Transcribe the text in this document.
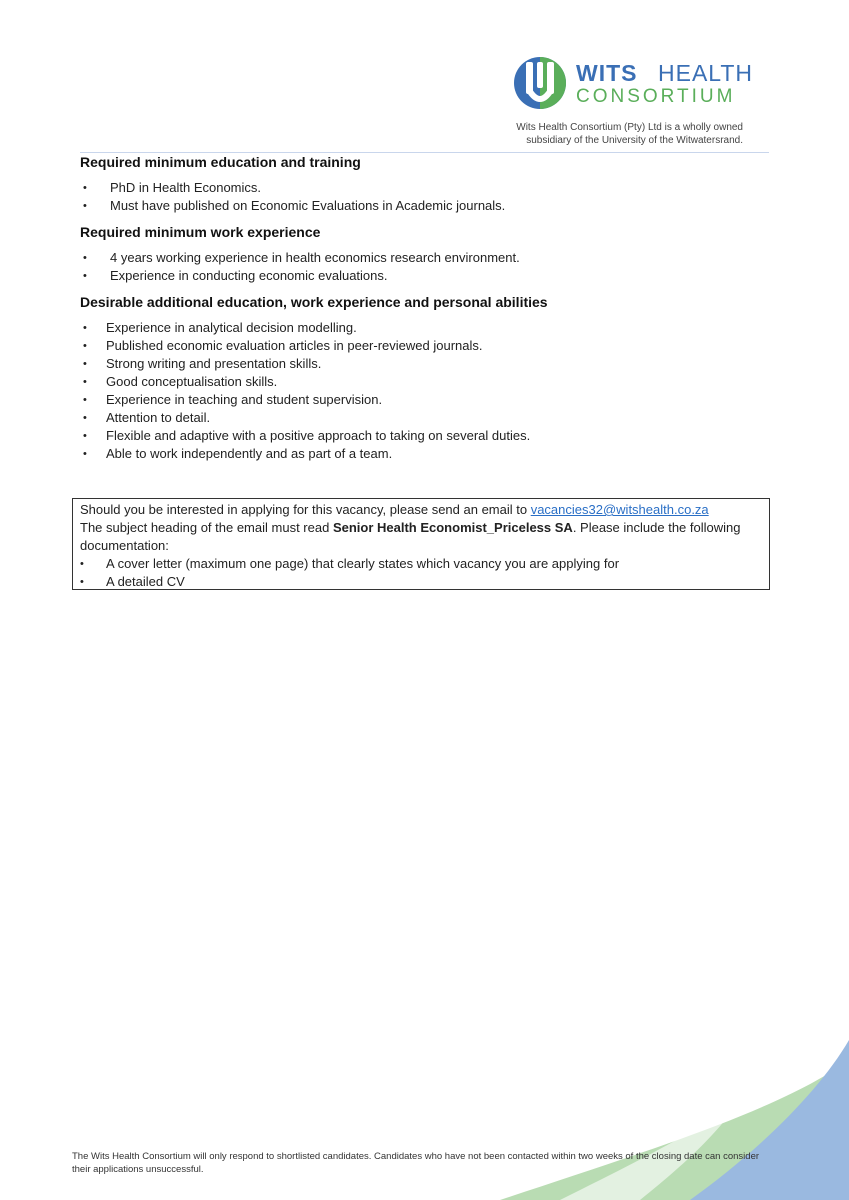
WITS HEALTH
CONSORTIUM
Wits Health Consortium (Pty) Ltd is a wholly owned
subsidiary of the University of the Witwatersrand.
Required minimum education and training
• PhD in Health Economics.
• Must have published on Economic Evaluations in Academic journals.
Required minimum work experience
• 4 years working experience in health economics research environment.
• Experience in conducting economic evaluations.
Desirable additional education, work experience and personal abilities
• Experience in analytical decision modelling.
• Published economic evaluation articles in peer-reviewed journals.
• Strong writing and presentation skills.
• Good conceptualisation skills.
• Experience in teaching and student supervision.
• Attention to detail.
• Flexible and adaptive with a positive approach to taking on several duties.
• Able to work independently and as part of a team.
Should you be interested in applying for this vacancy, please send an email to vacancies32@witshealth.co.za
The subject heading of the email must read Senior Health Economist_Priceless SA. Please include the following documentation:
• A cover letter (maximum one page) that clearly states which vacancy you are applying for
• A detailed CV
The Wits Health Consortium will only respond to shortlisted candidates. Candidates who have not been contacted within two weeks of the closing date can consider their applications unsuccessful.
